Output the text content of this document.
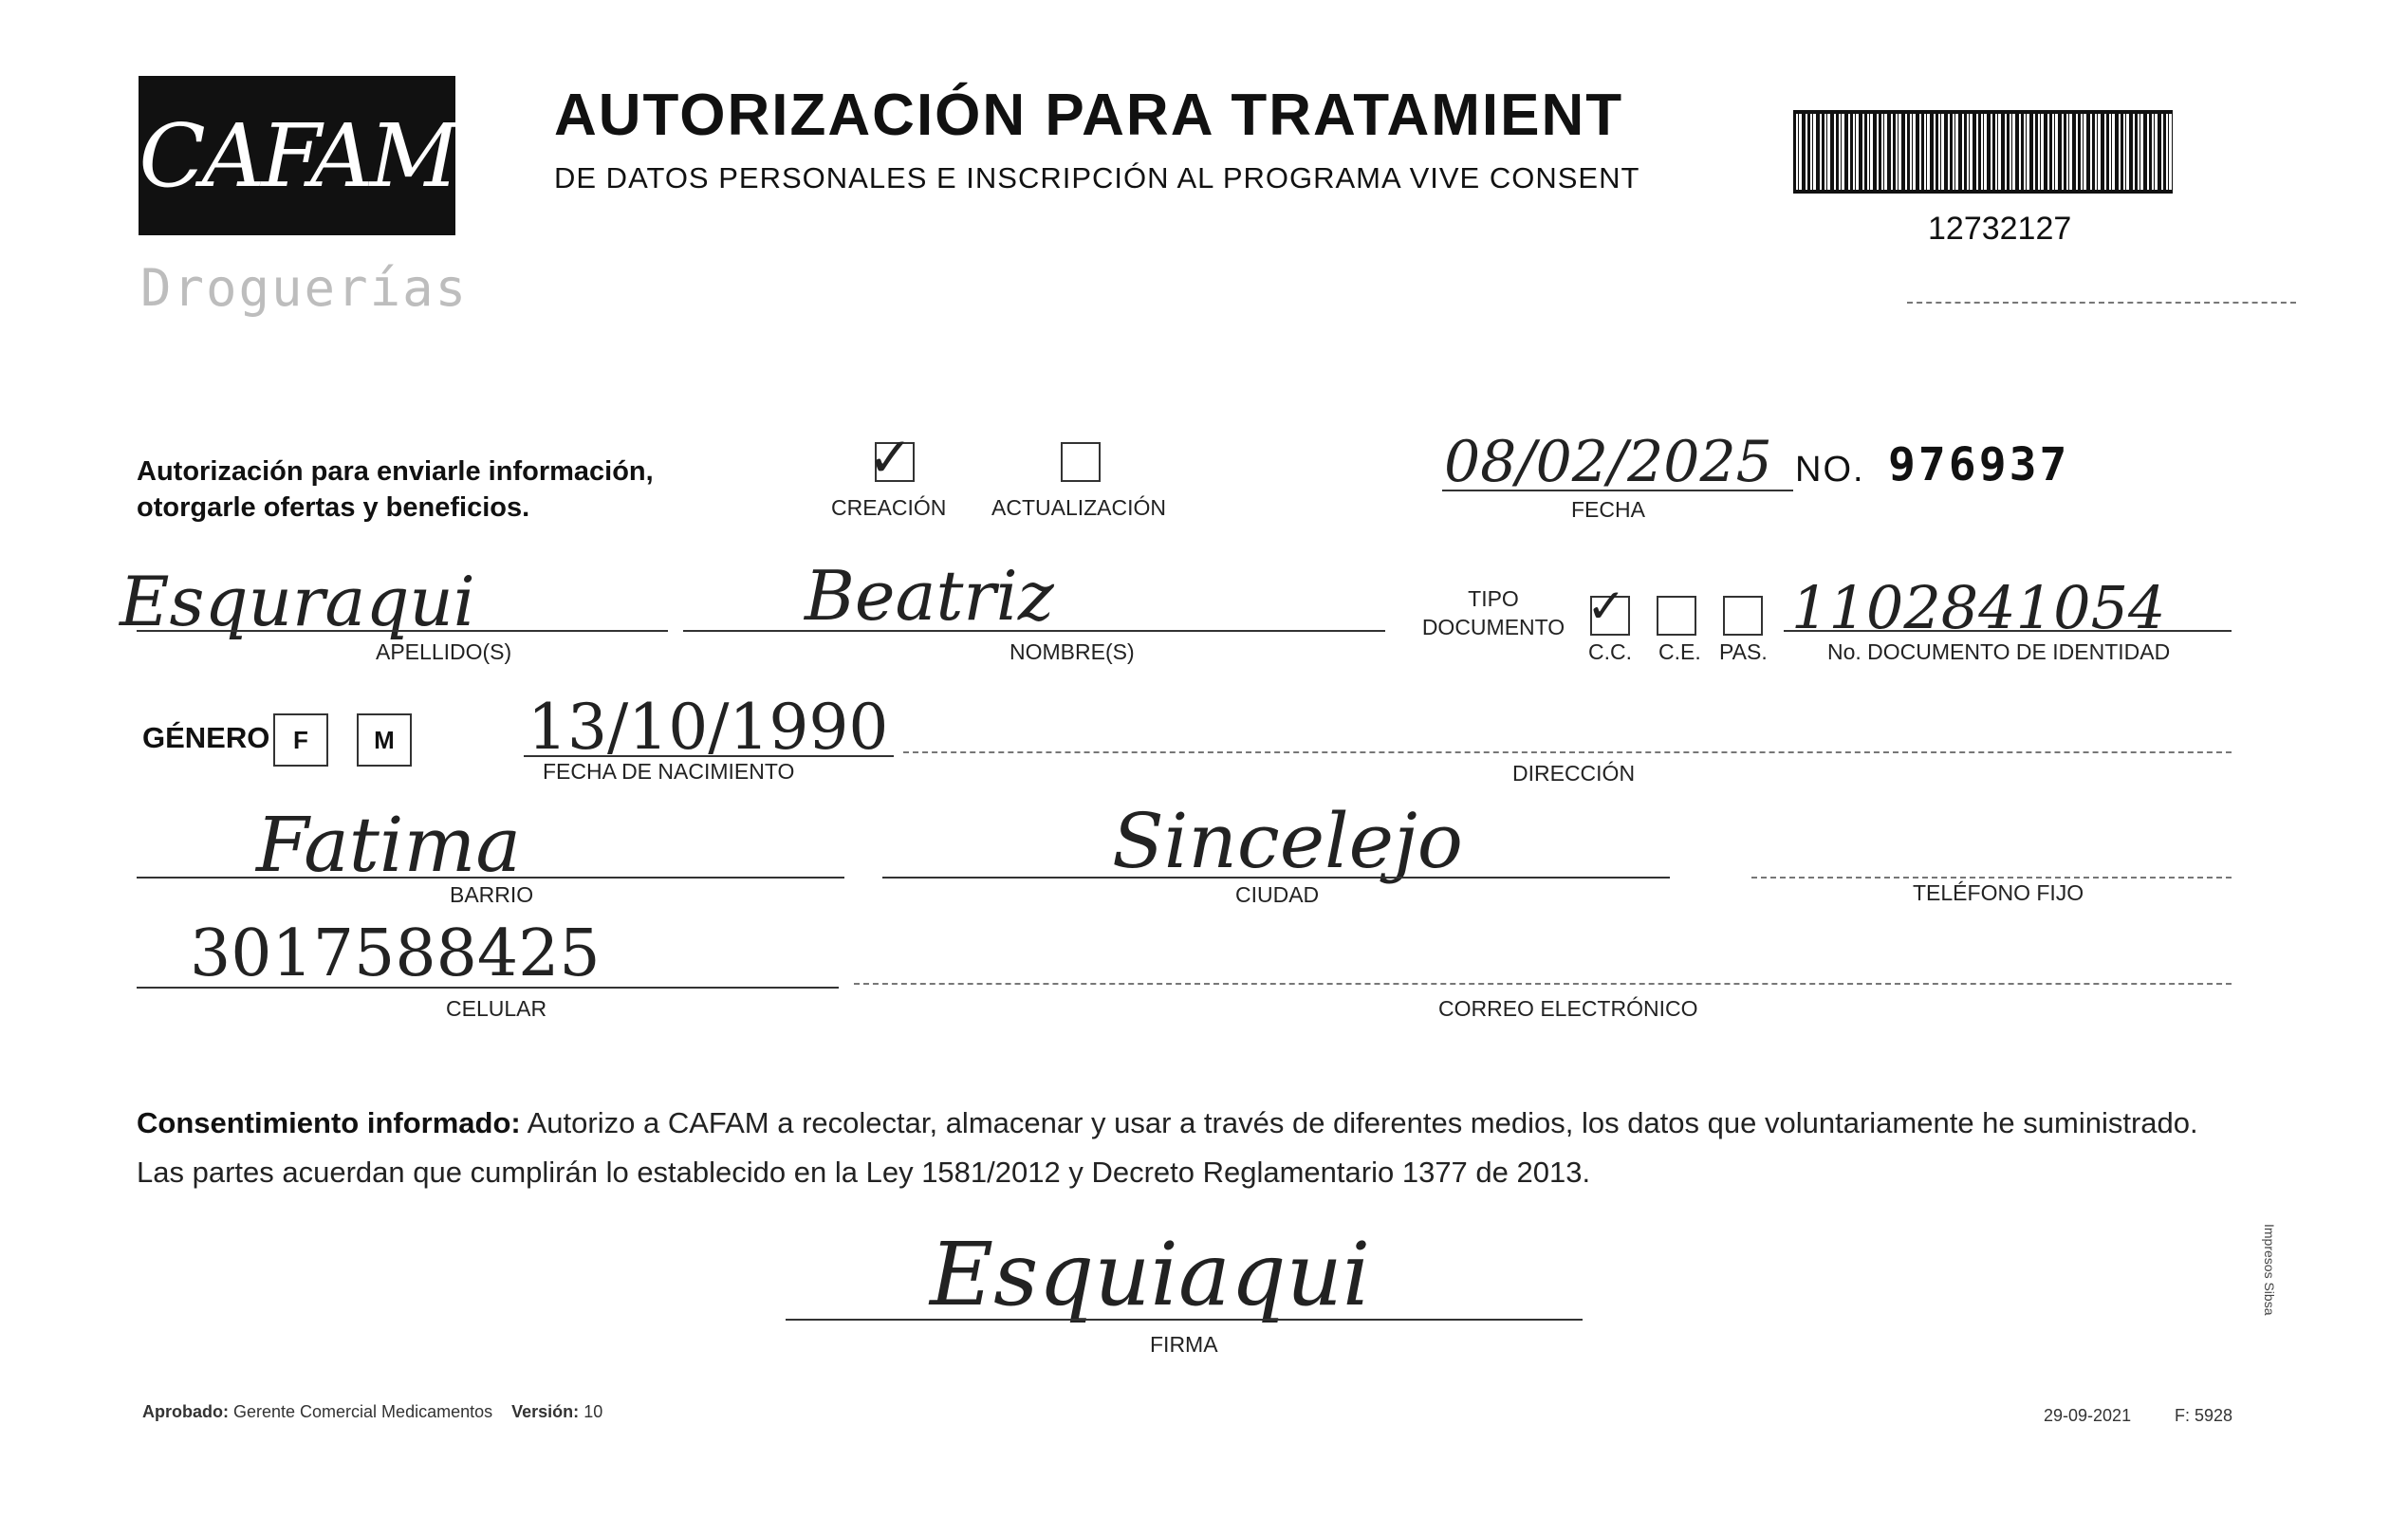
CAFAM
Droguerías
AUTORIZACIÓN PARA TRATAMIENT
DE DATOS PERSONALES E INSCRIPCIÓN AL PROGRAMA VIVE CONSENT
12732127
Autorización para enviarle información, otorgarle ofertas y beneficios.
✓
CREACIÓN ACTUALIZACIÓN
08/02/2025
FECHA
NO. 976937
Esquraqui
APELLIDO(S)
Beatriz
NOMBRE(S)
TIPO DOCUMENTO ✓
C.C. C.E. PAS.
1102841054
No. DOCUMENTO DE IDENTIDAD
GÉNERO F	M 13/10/1990
FECHA DE NACIMIENTO	DIRECCIÓN
Fatima
BARRIO
Sincelejo
CIUDAD	TELÉFONO FIJO
3017588425
CELULAR	CORREO ELECTRÓNICO
Consentimiento informado: Autorizo a CAFAM a recolectar, almacenar y usar a través de diferentes medios, los datos que voluntariamente he suministrado. Las partes acuerdan que cumplirán lo establecido en la Ley 1581/2012 y Decreto Reglamentario 1377 de 2013.
Esquiaqui
FIRMA
Aprobado: Gerente Comercial Medicamentos Versión: 10	29-09-2021	F: 5928
Impresos Sibsa
